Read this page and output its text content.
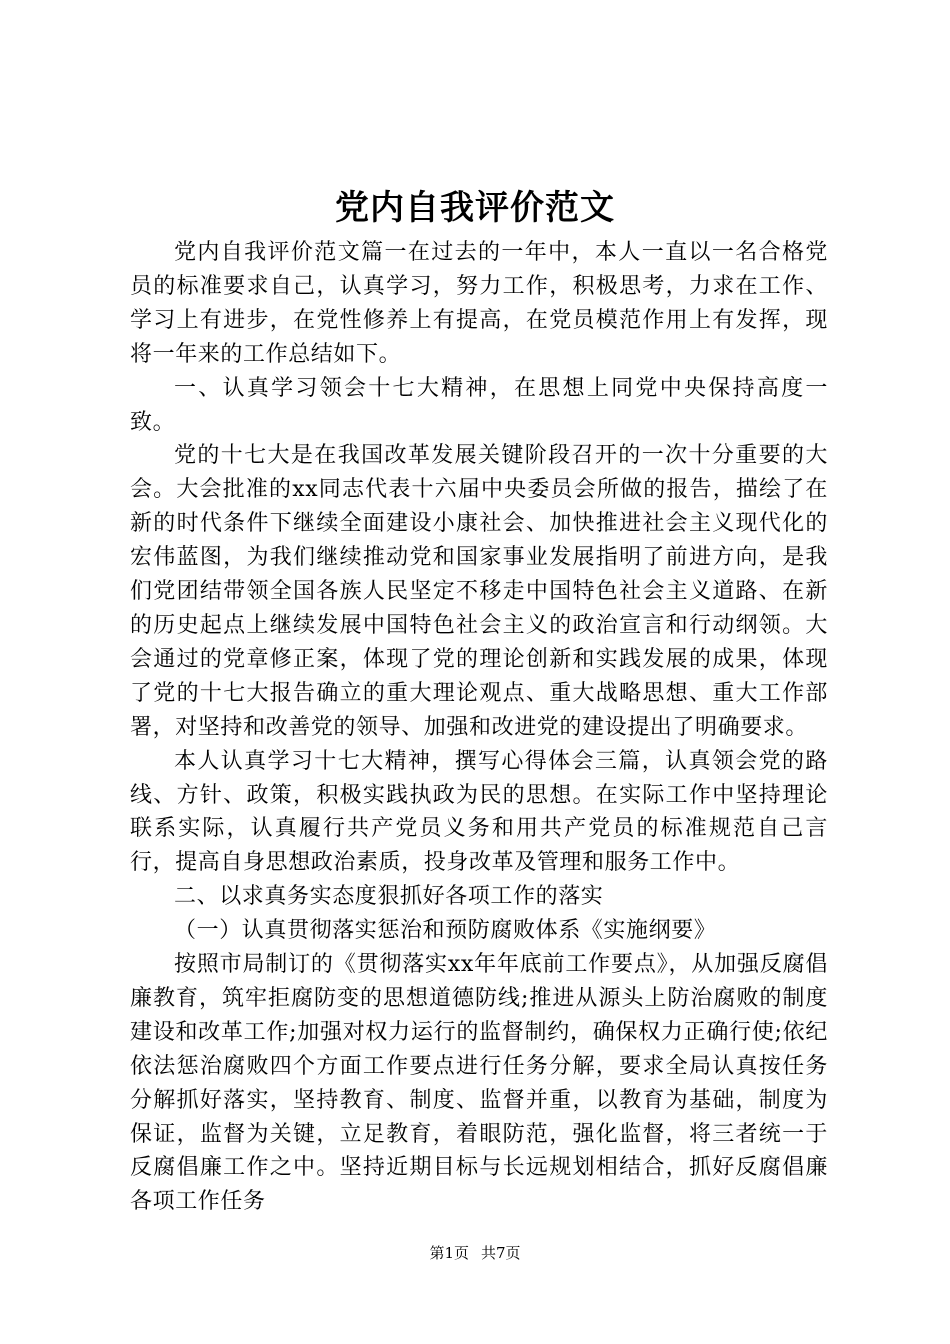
党内自我评价范文

党内自我评价范文篇一在过去的一年中，本人一直以一名合格党员的标准要求自己，认真学习，努力工作，积极思考，力求在工作、学习上有进步，在党性修养上有提高，在党员模范作用上有发挥，现将一年来的工作总结如下。

一、认真学习领会十七大精神，在思想上同党中央保持高度一致。

党的十七大是在我国改革发展关键阶段召开的一次十分重要的大会。大会批准的xx同志代表十六届中央委员会所做的报告，描绘了在新的时代条件下继续全面建设小康社会、加快推进社会主义现代化的宏伟蓝图，为我们继续推动党和国家事业发展指明了前进方向，是我们党团结带领全国各族人民坚定不移走中国特色社会主义道路、在新的历史起点上继续发展中国特色社会主义的政治宣言和行动纲领。大会通过的党章修正案，体现了党的理论创新和实践发展的成果，体现了党的十七大报告确立的重大理论观点、重大战略思想、重大工作部署，对坚持和改善党的领导、加强和改进党的建设提出了明确要求。

本人认真学习十七大精神，撰写心得体会三篇，认真领会党的路线、方针、政策，积极实践执政为民的思想。在实际工作中坚持理论联系实际，认真履行共产党员义务和用共产党员的标准规范自己言行，提高自身思想政治素质，投身改革及管理和服务工作中。

二、以求真务实态度狠抓好各项工作的落实

（一）认真贯彻落实惩治和预防腐败体系《实施纲要》

按照市局制订的《贯彻落实xx年年底前工作要点》，从加强反腐倡廉教育，筑牢拒腐防变的思想道德防线;推进从源头上防治腐败的制度建设和改革工作;加强对权力运行的监督制约，确保权力正确行使;依纪依法惩治腐败四个方面工作要点进行任务分解，要求全局认真按任务分解抓好落实，坚持教育、制度、监督并重，以教育为基础，制度为保证，监督为关键，立足教育，着眼防范，强化监督，将三者统一于反腐倡廉工作之中。坚持近期目标与长远规划相结合，抓好反腐倡廉各项工作任务

第1页 共7页
